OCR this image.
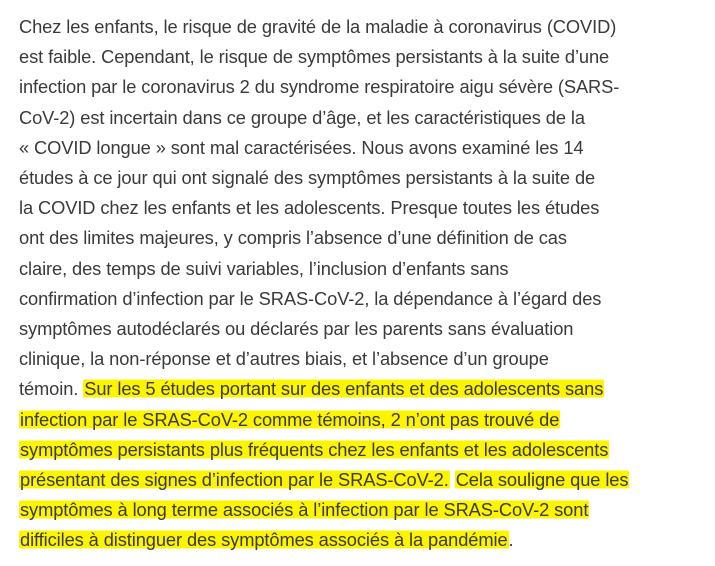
Chez les enfants, le risque de gravité de la maladie à coronavirus (COVID)
est faible. Cependant, le risque de symptômes persistants à la suite d’une
infection par le coronavirus 2 du syndrome respiratoire aigu sévère (SARS-
CoV-2) est incertain dans ce groupe d’âge, et les caractéristiques de la
« COVID longue » sont mal caractérisées. Nous avons examiné les 14
études à ce jour qui ont signalé des symptômes persistants à la suite de
la COVID chez les enfants et les adolescents. Presque toutes les études
ont des limites majeures, y compris l’absence d’une définition de cas
claire, des temps de suivi variables, l’inclusion d’enfants sans
confirmation d’infection par le SRAS-CoV-2, la dépendance à l’égard des
symptômes autodéclarés ou déclarés par les parents sans évaluation
clinique, la non-réponse et d’autres biais, et l’absence d’un groupe
témoin. Sur les 5 études portant sur des enfants et des adolescents sans
infection par le SRAS-CoV-2 comme témoins, 2 n’ont pas trouvé de
symptômes persistants plus fréquents chez les enfants et les adolescents
présentant des signes d’infection par le SRAS-CoV-2. Cela souligne que les
symptômes à long terme associés à l’infection par le SRAS-CoV-2 sont
difficiles à distinguer des symptômes associés à la pandémie.
